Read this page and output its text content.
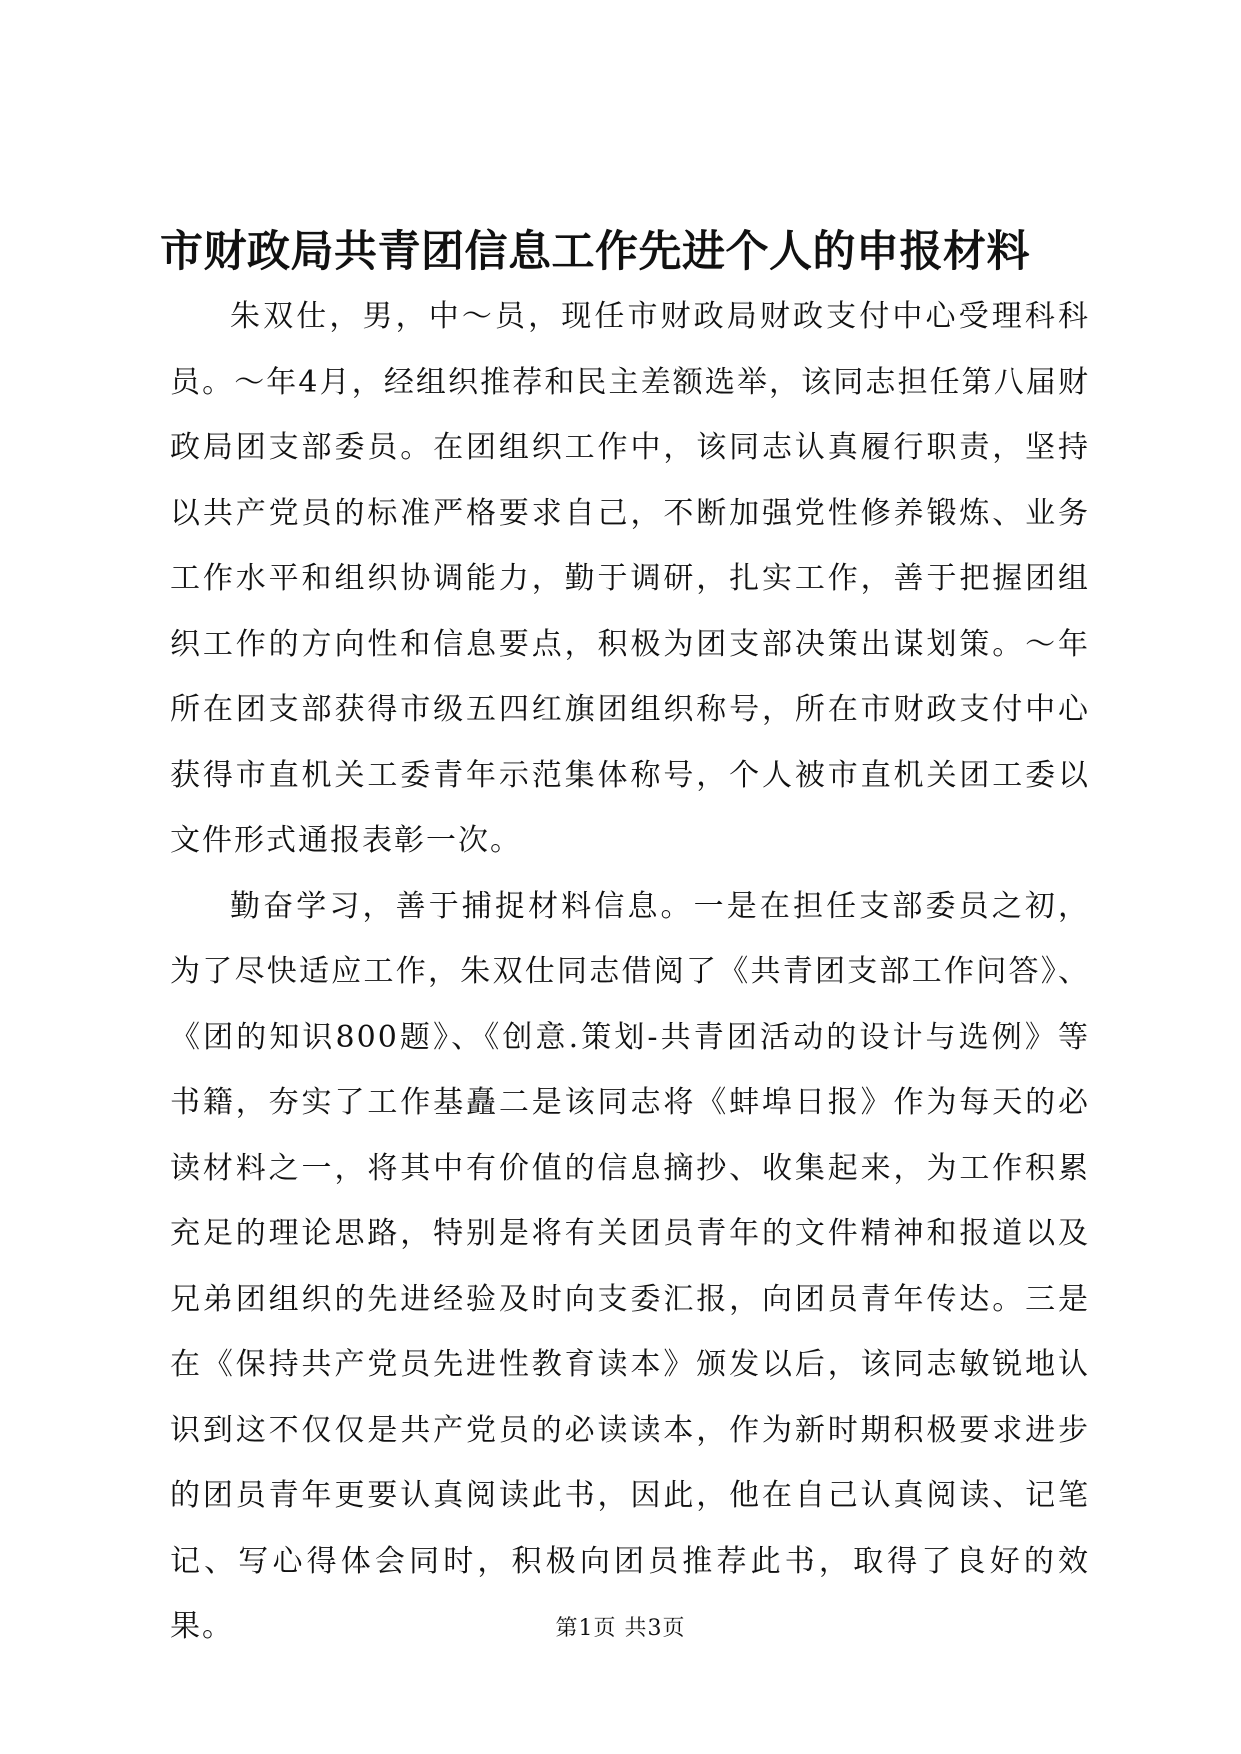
市财政局共青团信息工作先进个人的申报材料

朱双仕，男，中～员，现任市财政局财政支付中心受理科科员。～年4月，经组织推荐和民主差额选举，该同志担任第八届财政局团支部委员。在团组织工作中，该同志认真履行职责，坚持以共产党员的标准严格要求自己，不断加强党性修养锻炼、业务工作水平和组织协调能力，勤于调研，扎实工作，善于把握团组织工作的方向性和信息要点，积极为团支部决策出谋划策。～年所在团支部获得市级五四红旗团组织称号，所在市财政支付中心获得市直机关工委青年示范集体称号，个人被市直机关团工委以文件形式通报表彰一次。

勤奋学习，善于捕捉材料信息。一是在担任支部委员之初，为了尽快适应工作，朱双仕同志借阅了《共青团支部工作问答》、《团的知识800题》、《创意.策划-共青团活动的设计与选例》等书籍，夯实了工作基矗二是该同志将《蚌埠日报》作为每天的必读材料之一，将其中有价值的信息摘抄、收集起来，为工作积累充足的理论思路，特别是将有关团员青年的文件精神和报道以及兄弟团组织的先进经验及时向支委汇报，向团员青年传达。三是在《保持共产党员先进性教育读本》颁发以后，该同志敏锐地认识到这不仅仅是共产党员的必读读本，作为新时期积极要求进步的团员青年更要认真阅读此书，因此，他在自己认真阅读、记笔记、写心得体会同时，积极向团员推荐此书，取得了良好的效果。	第1页 共3页
